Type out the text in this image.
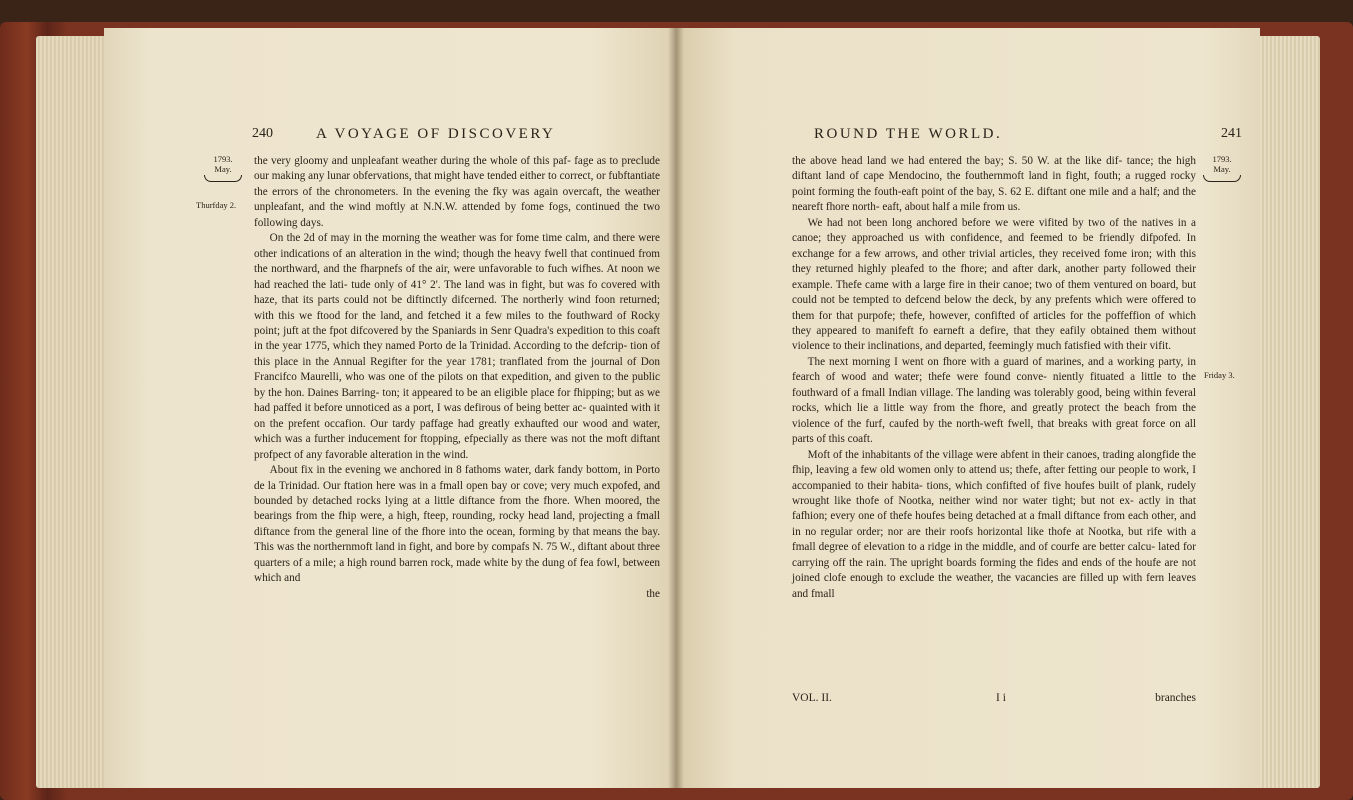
240	A VOYAGE OF DISCOVERY
1793.
May.
Thurfday 2.

the very gloomy and unpleafant weather during the whole of this paf- fage as to preclude our making any lunar obfervations, that might have tended either to correct, or fubftantiate the errors of the chronometers. In the evening the fky was again overcaft, the weather unpleafant, and the wind moftly at N.N.W. attended by fome fogs, continued the two following days.

On the 2d of may in the morning the weather was for fome time calm, and there were other indications of an alteration in the wind; though the heavy fwell that continued from the northward, and the fharpnefs of the air, were unfavorable to fuch wifhes. At noon we had reached the lati- tude only of 41° 2'. The land was in fight, but was fo covered with haze, that its parts could not be diftinctly difcerned. The northerly wind foon returned; with this we ftood for the land, and fetched it a few miles to the fouthward of Rocky point; juft at the fpot difcovered by the Spaniards in Senr Quadra's expedition to this coaft in the year 1775, which they named Porto de la Trinidad. According to the defcrip- tion of this place in the Annual Regifter for the year 1781; tranflated from the journal of Don Francifco Maurelli, who was one of the pilots on that expedition, and given to the public by the hon. Daines Barring- ton; it appeared to be an eligible place for fhipping; but as we had paffed it before unnoticed as a port, I was defirous of being better ac- quainted with it on the prefent occafion. Our tardy paffage had greatly exhaufted our wood and water, which was a further inducement for ftopping, efpecially as there was not the moft diftant profpect of any favorable alteration in the wind.

About fix in the evening we anchored in 8 fathoms water, dark fandy bottom, in Porto de la Trinidad. Our ftation here was in a fmall open bay or cove; very much expofed, and bounded by detached rocks lying at a little diftance from the fhore. When moored, the bearings from the fhip were, a high, fteep, rounding, rocky head land, projecting a fmall diftance from the general line of the fhore into the ocean, forming by that means the bay. This was the northernmoft land in fight, and bore by compafs N. 75 W., diftant about three quarters of a mile; a high round barren rock, made white by the dung of fea fowl, between which and

the
ROUND THE WORLD.	241
1793.
May.
Friday 3.

the above head land we had entered the bay; S. 50 W. at the like dif- tance; the high diftant land of cape Mendocino, the fouthernmoft land in fight, fouth; a rugged rocky point forming the fouth-eaft point of the bay, S. 62 E. diftant one mile and a half; and the neareft fhore north- eaft, about half a mile from us.

We had not been long anchored before we were vifited by two of the natives in a canoe; they approached us with confidence, and feemed to be friendly difpofed. In exchange for a few arrows, and other trivial articles, they received fome iron; with this they returned highly pleafed to the fhore; and after dark, another party followed their example. Thefe came with a large fire in their canoe; two of them ventured on board, but could not be tempted to defcend below the deck, by any prefents which were offered to them for that purpofe; thefe, however, confifted of articles for the poffeffion of which they appeared to manifeft fo earneft a defire, that they eafily obtained them without violence to their inclinations, and departed, feemingly much fatisfied with their vifit.

The next morning I went on fhore with a guard of marines, and a working party, in fearch of wood and water; thefe were found conve- niently fituated a little to the fouthward of a fmall Indian village. The landing was tolerably good, being within feveral rocks, which lie a little way from the fhore, and greatly protect the beach from the violence of the furf, caufed by the north-weft fwell, that breaks with great force on all parts of this coaft.

Moft of the inhabitants of the village were abfent in their canoes, trading alongfide the fhip, leaving a few old women only to attend us; thefe, after fetting our people to work, I accompanied to their habita- tions, which confifted of five houfes built of plank, rudely wrought like thofe of Nootka, neither wind nor water tight; but not ex- actly in that fafhion; every one of thefe houfes being detached at a fmall diftance from each other, and in no regular order; nor are their roofs horizontal like thofe at Nootka, but rife with a fmall degree of elevation to a ridge in the middle, and of courfe are better calcu- lated for carrying off the rain. The upright boards forming the fides and ends of the houfe are not joined clofe enough to exclude the weather, the vacancies are filled up with fern leaves and fmall

VOL. II.	I i	branches
